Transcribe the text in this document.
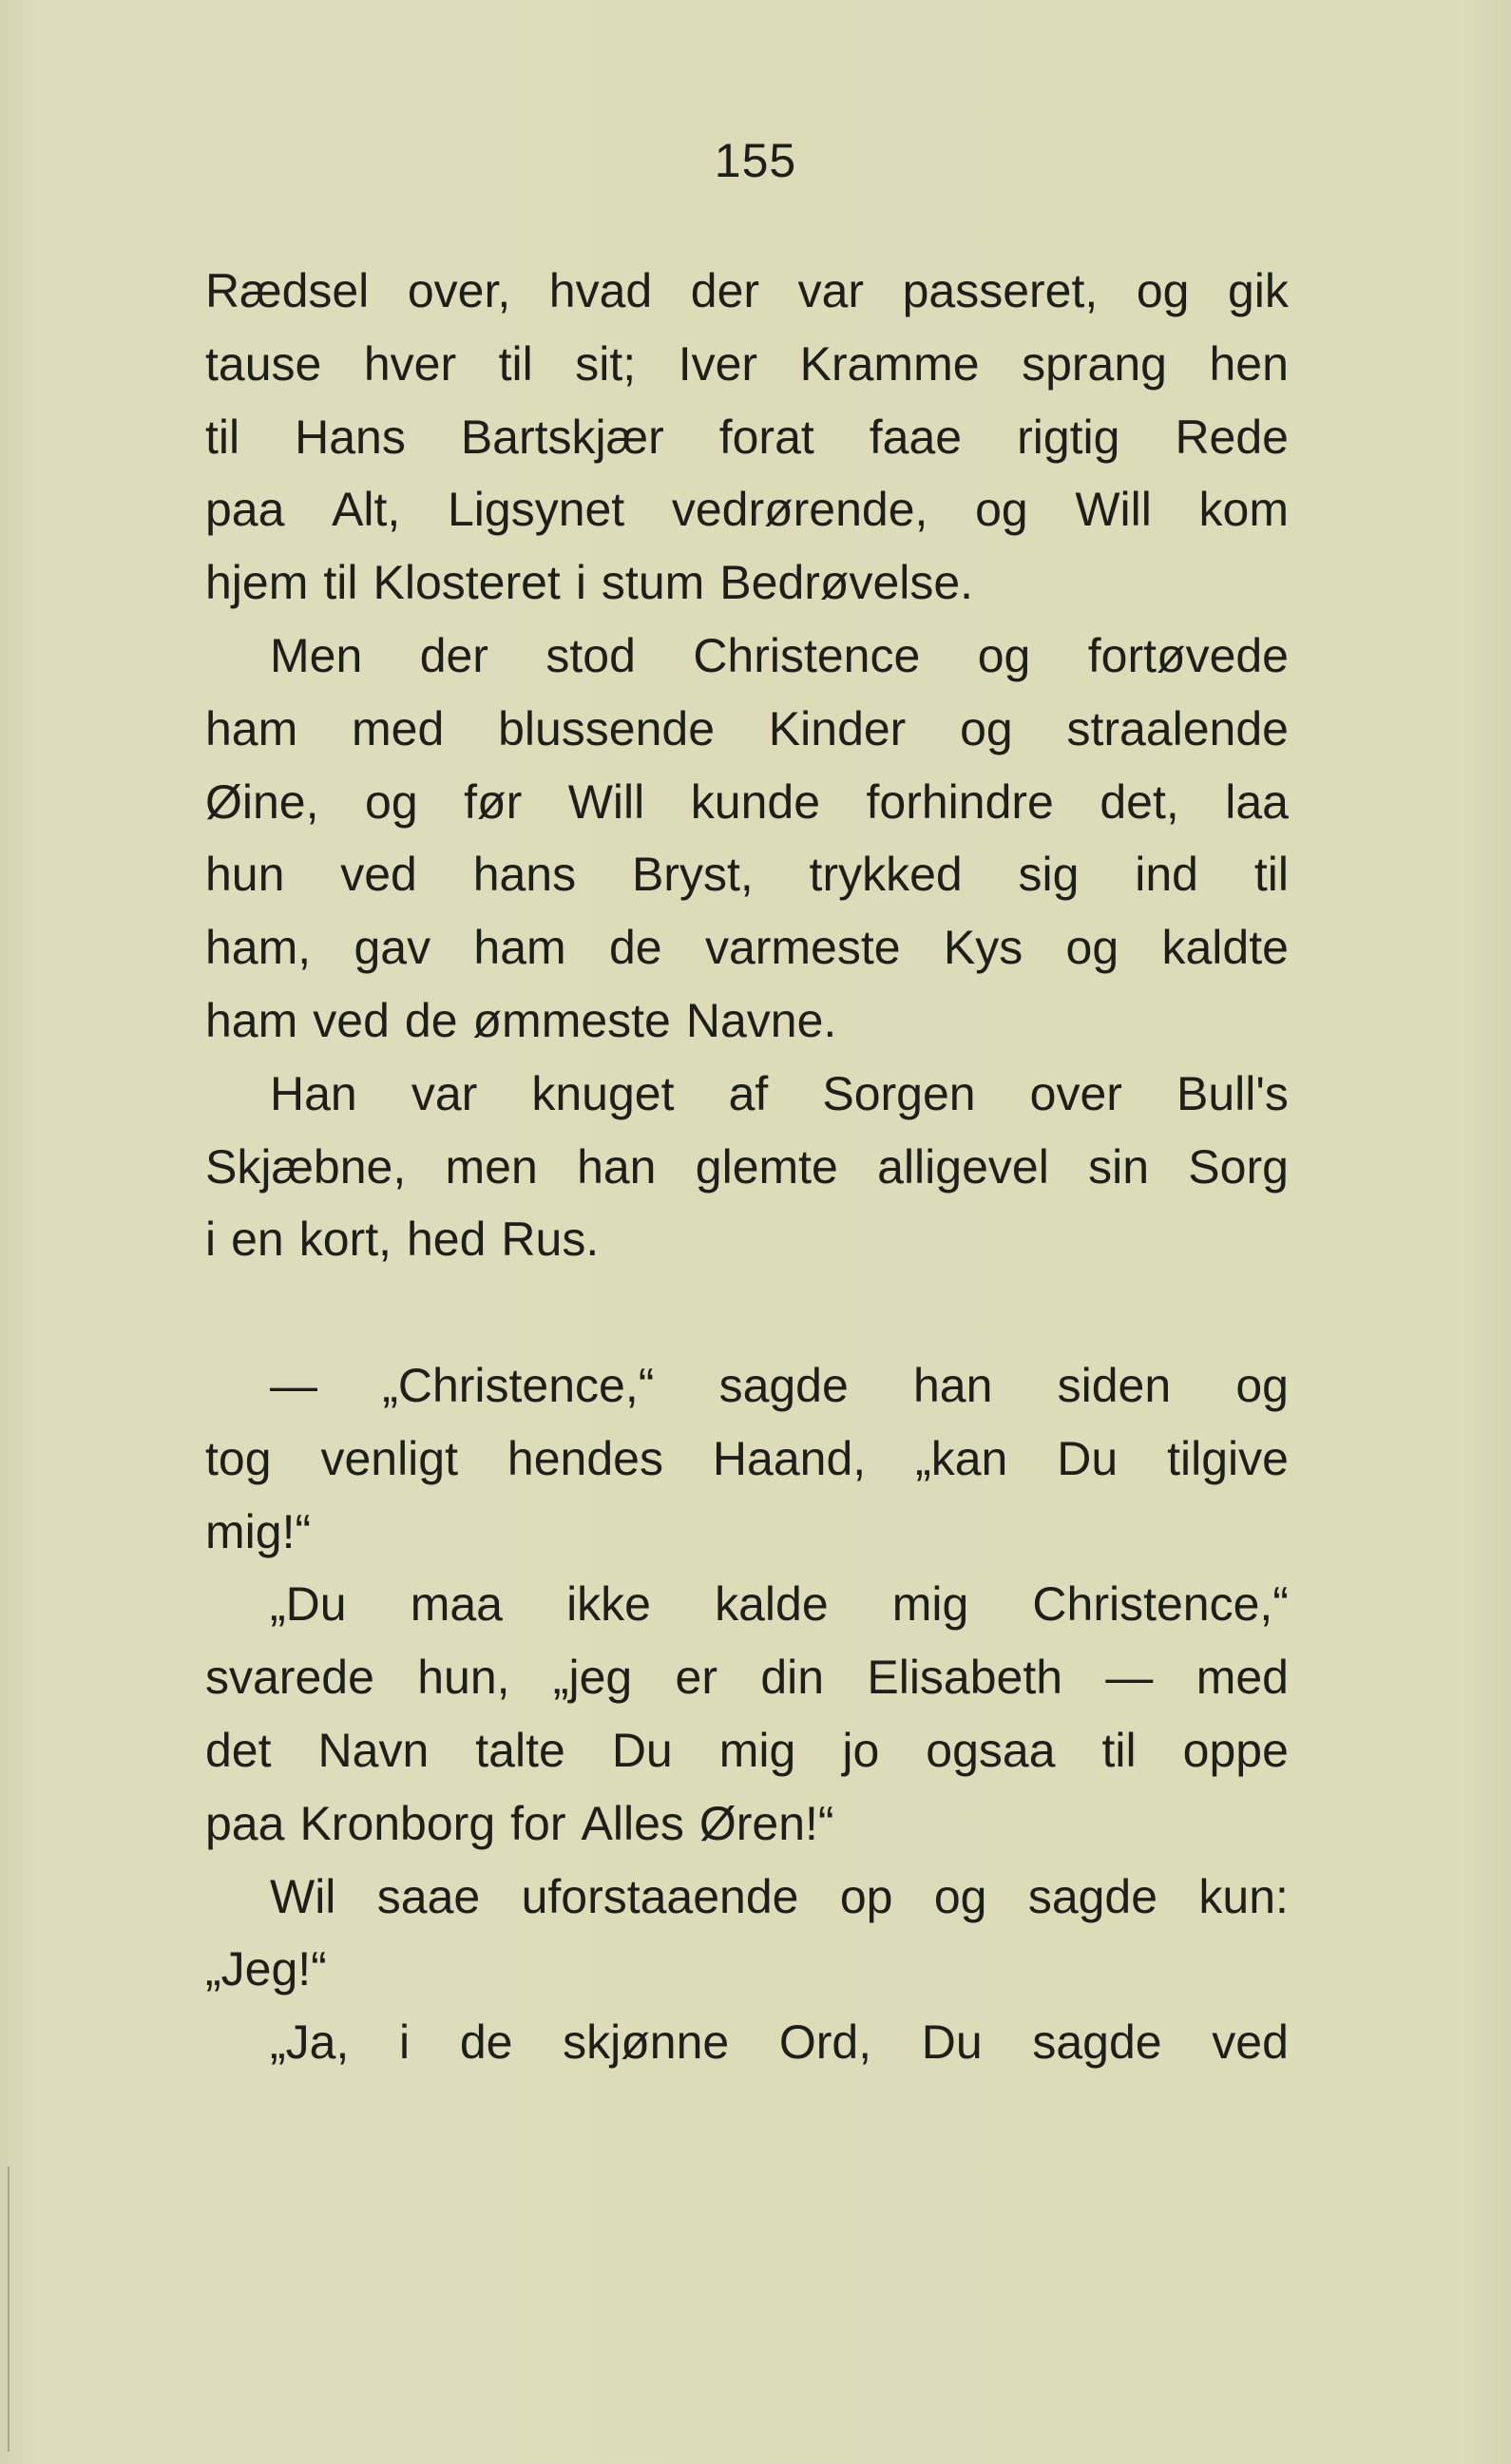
155
Rædsel over, hvad der var passeret, og gik
tause hver til sit; Iver Kramme sprang hen
til Hans Bartskjær forat faae rigtig Rede
paa Alt, Ligsynet vedrørende, og Will kom
hjem til Klosteret i stum Bedrøvelse.
Men der stod Christence og fortøvede
ham med blussende Kinder og straalende
Øine, og før Will kunde forhindre det, laa
hun ved hans Bryst, trykked sig ind til
ham, gav ham de varmeste Kys og kaldte
ham ved de ømmeste Navne.
Han var knuget af Sorgen over Bull's
Skjæbne, men han glemte alligevel sin Sorg
i en kort, hed Rus.
— „Christence,“ sagde han siden og
tog venligt hendes Haand, „kan Du tilgive
mig!“
„Du maa ikke kalde mig Christence,“
svarede hun, „jeg er din Elisabeth — med
det Navn talte Du mig jo ogsaa til oppe
paa Kronborg for Alles Øren!“
Wil saae uforstaaende op og sagde kun:
„Jeg!“
„Ja, i de skjønne Ord, Du sagde ved
